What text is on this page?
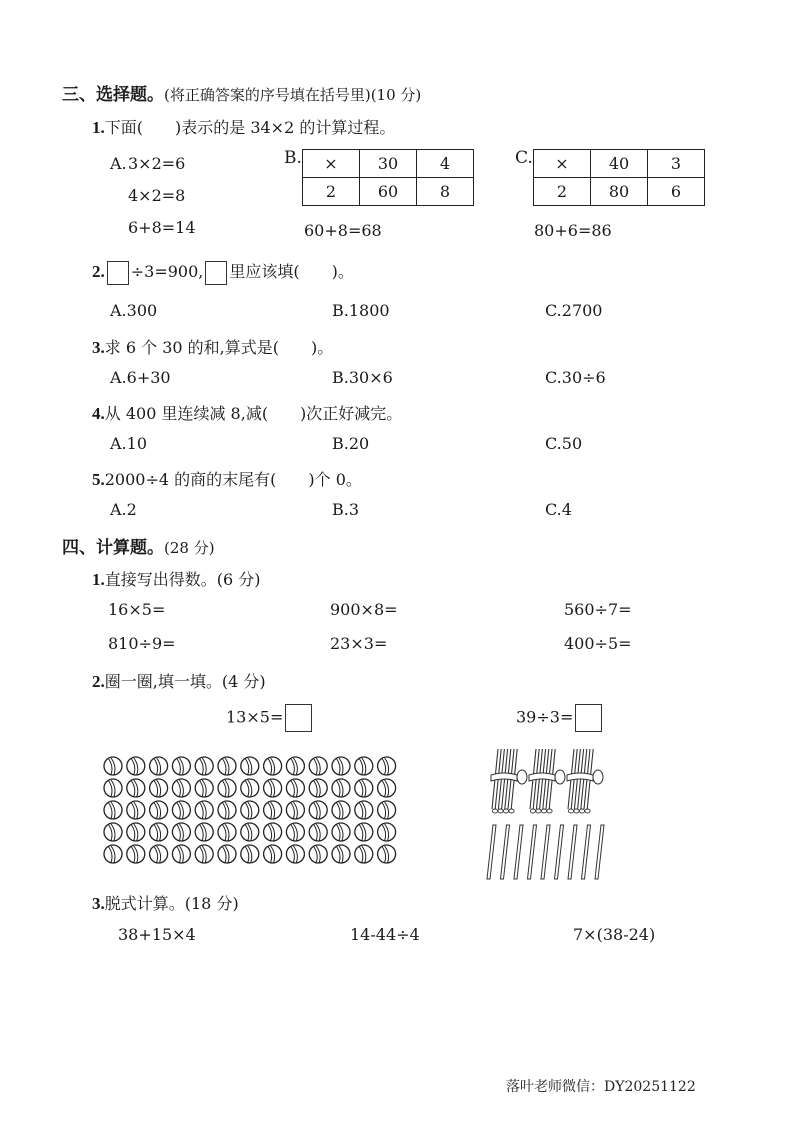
三、选择题。(将正确答案的序号填在括号里)(10 分)
1.下面(　　)表示的是 34×2 的计算过程。
A. 3×2=6
4×2=8
6+8=14
B. ×	30	4
2	60	8
60+8=68
C. ×	40	3
2	80	6
80+6=86
2. ÷3=900, 里应该填(　　)。
A.300	B.1800	C.2700
3.求 6 个 30 的和,算式是(　　)。
A.6+30	B.30×6	C.30÷6
4.从 400 里连续减 8,减(　　)次正好减完。
A.10	B.20	C.50
5.2000÷4 的商的末尾有(　　)个 0。
A.2	B.3	C.4
四、计算题。(28 分)
1.直接写出得数。(6 分)
16×5=	900×8=	560÷7=
810÷9=	23×3=	400÷5=
2.圈一圈,填一填。(4 分)
13×5=	39÷3=
3.脱式计算。(18 分)
38+15×4	14-44÷4	7×(38-24)
落叶老师微信：DY20251122
